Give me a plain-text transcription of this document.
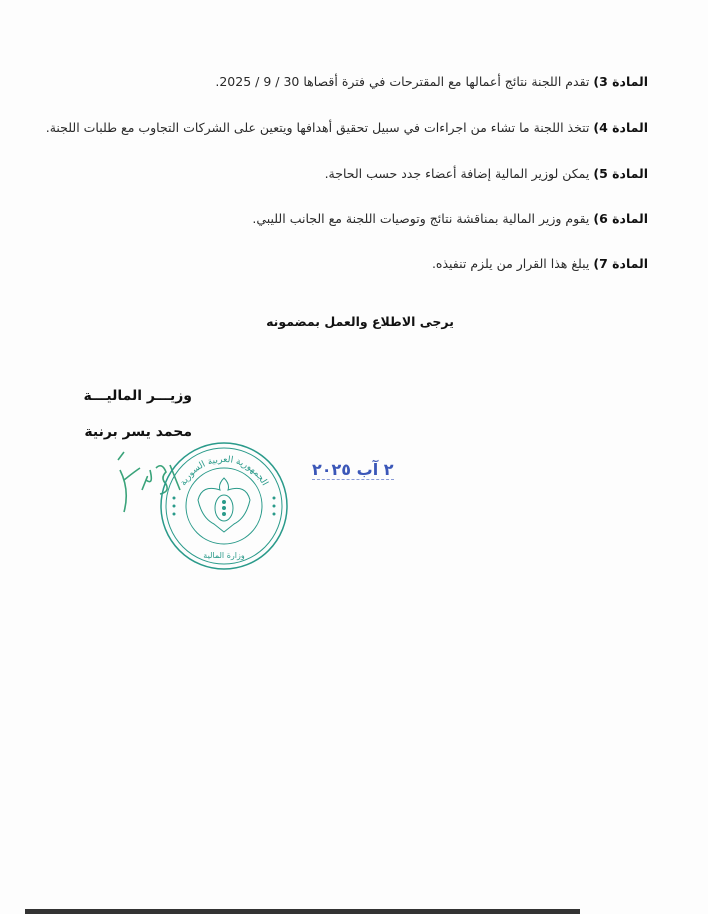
المادة 3) تقدم اللجنة نتائج أعمالها مع المقترحات في فترة أقصاها 30 / 9 / 2025.
المادة 4) تتخذ اللجنة ما تشاء من اجراءات في سبيل تحقيق أهدافها ويتعين على الشركات التجاوب مع طلبات اللجنة.
المادة 5) يمكن لوزير المالية إضافة أعضاء جدد حسب الحاجة.
المادة 6) يقوم وزير المالية بمناقشة نتائج وتوصيات اللجنة مع الجانب الليبي.
المادة 7) يبلغ هذا القرار من يلزم تنفيذه.
يرجى الاطلاع والعمل بمضمونه
وزيـــر الماليـــة
محمد يسر برنية
الجمهورية العربية السورية
وزارة المالية
٢ آب ٢٠٢٥
